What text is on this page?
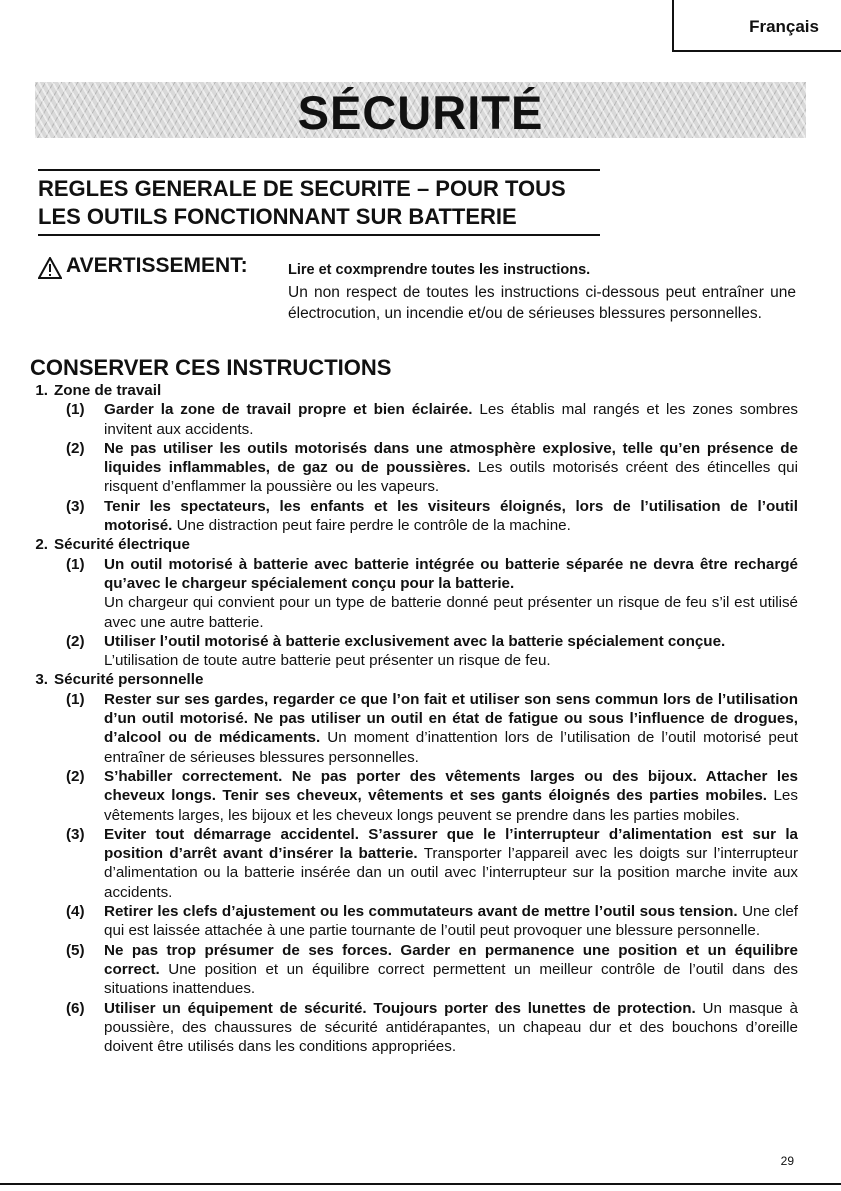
Français
SÉCURITÉ
REGLES GENERALE DE SECURITE – POUR TOUS
LES OUTILS FONCTIONNANT SUR BATTERIE
AVERTISSEMENT:	Lire et coxmprendre toutes les instructions.

Un non respect de toutes les instructions ci-dessous peut entraîner une électrocution, un incendie et/ou de sérieuses blessures personnelles.

CONSERVER CES INSTRUCTIONS
1. Zone de travail
(1) Garder la zone de travail propre et bien éclairée. Les établis mal rangés et les zones sombres invitent aux accidents.
(2) Ne pas utiliser les outils motorisés dans une atmosphère explosive, telle qu’en présence de liquides inflammables, de gaz ou de poussières. Les outils motorisés créent des étincelles qui risquent d’enflammer la poussière ou les vapeurs.
(3) Tenir les spectateurs, les enfants et les visiteurs éloignés, lors de l’utilisation de l’outil motorisé. Une distraction peut faire perdre le contrôle de la machine.
2. Sécurité électrique
(1) Un outil motorisé à batterie avec batterie intégrée ou batterie séparée ne devra être rechargé qu’avec le chargeur spécialement conçu pour la batterie.
Un chargeur qui convient pour un type de batterie donné peut présenter un risque de feu s’il est utilisé avec une autre batterie.
(2) Utiliser l’outil motorisé à batterie exclusivement avec la batterie spécialement conçue.
L’utilisation de toute autre batterie peut présenter un risque de feu.
3. Sécurité personnelle
(1) Rester sur ses gardes, regarder ce que l’on fait et utiliser son sens commun lors de l’utilisation d’un outil motorisé. Ne pas utiliser un outil en état de fatigue ou sous l’influence de drogues, d’alcool ou de médicaments. Un moment d’inattention lors de l’utilisation de l’outil motorisé peut entraîner de sérieuses blessures personnelles.
(2) S’habiller correctement. Ne pas porter des vêtements larges ou des bijoux. Attacher les cheveux longs. Tenir ses cheveux, vêtements et ses gants éloignés des parties mobiles. Les vêtements larges, les bijoux et les cheveux longs peuvent se prendre dans les parties mobiles.
(3) Eviter tout démarrage accidentel. S’assurer que le l’interrupteur d’alimentation est sur la position d’arrêt avant d’insérer la batterie. Transporter l’appareil avec les doigts sur l’interrupteur d’alimentation ou la batterie insérée dan un outil avec l’interrupteur sur la position marche invite aux accidents.
(4) Retirer les clefs d’ajustement ou les commutateurs avant de mettre l’outil sous tension. Une clef qui est laissée attachée à une partie tournante de l’outil peut provoquer une blessure personnelle.
(5) Ne pas trop présumer de ses forces. Garder en permanence une position et un équilibre correct. Une position et un équilibre correct permettent un meilleur contrôle de l’outil dans des situations inattendues.
(6) Utiliser un équipement de sécurité. Toujours porter des lunettes de protection. Un masque à poussière, des chaussures de sécurité antidérapantes, un chapeau dur et des bouchons d’oreille doivent être utilisés dans les conditions appropriées.
29
